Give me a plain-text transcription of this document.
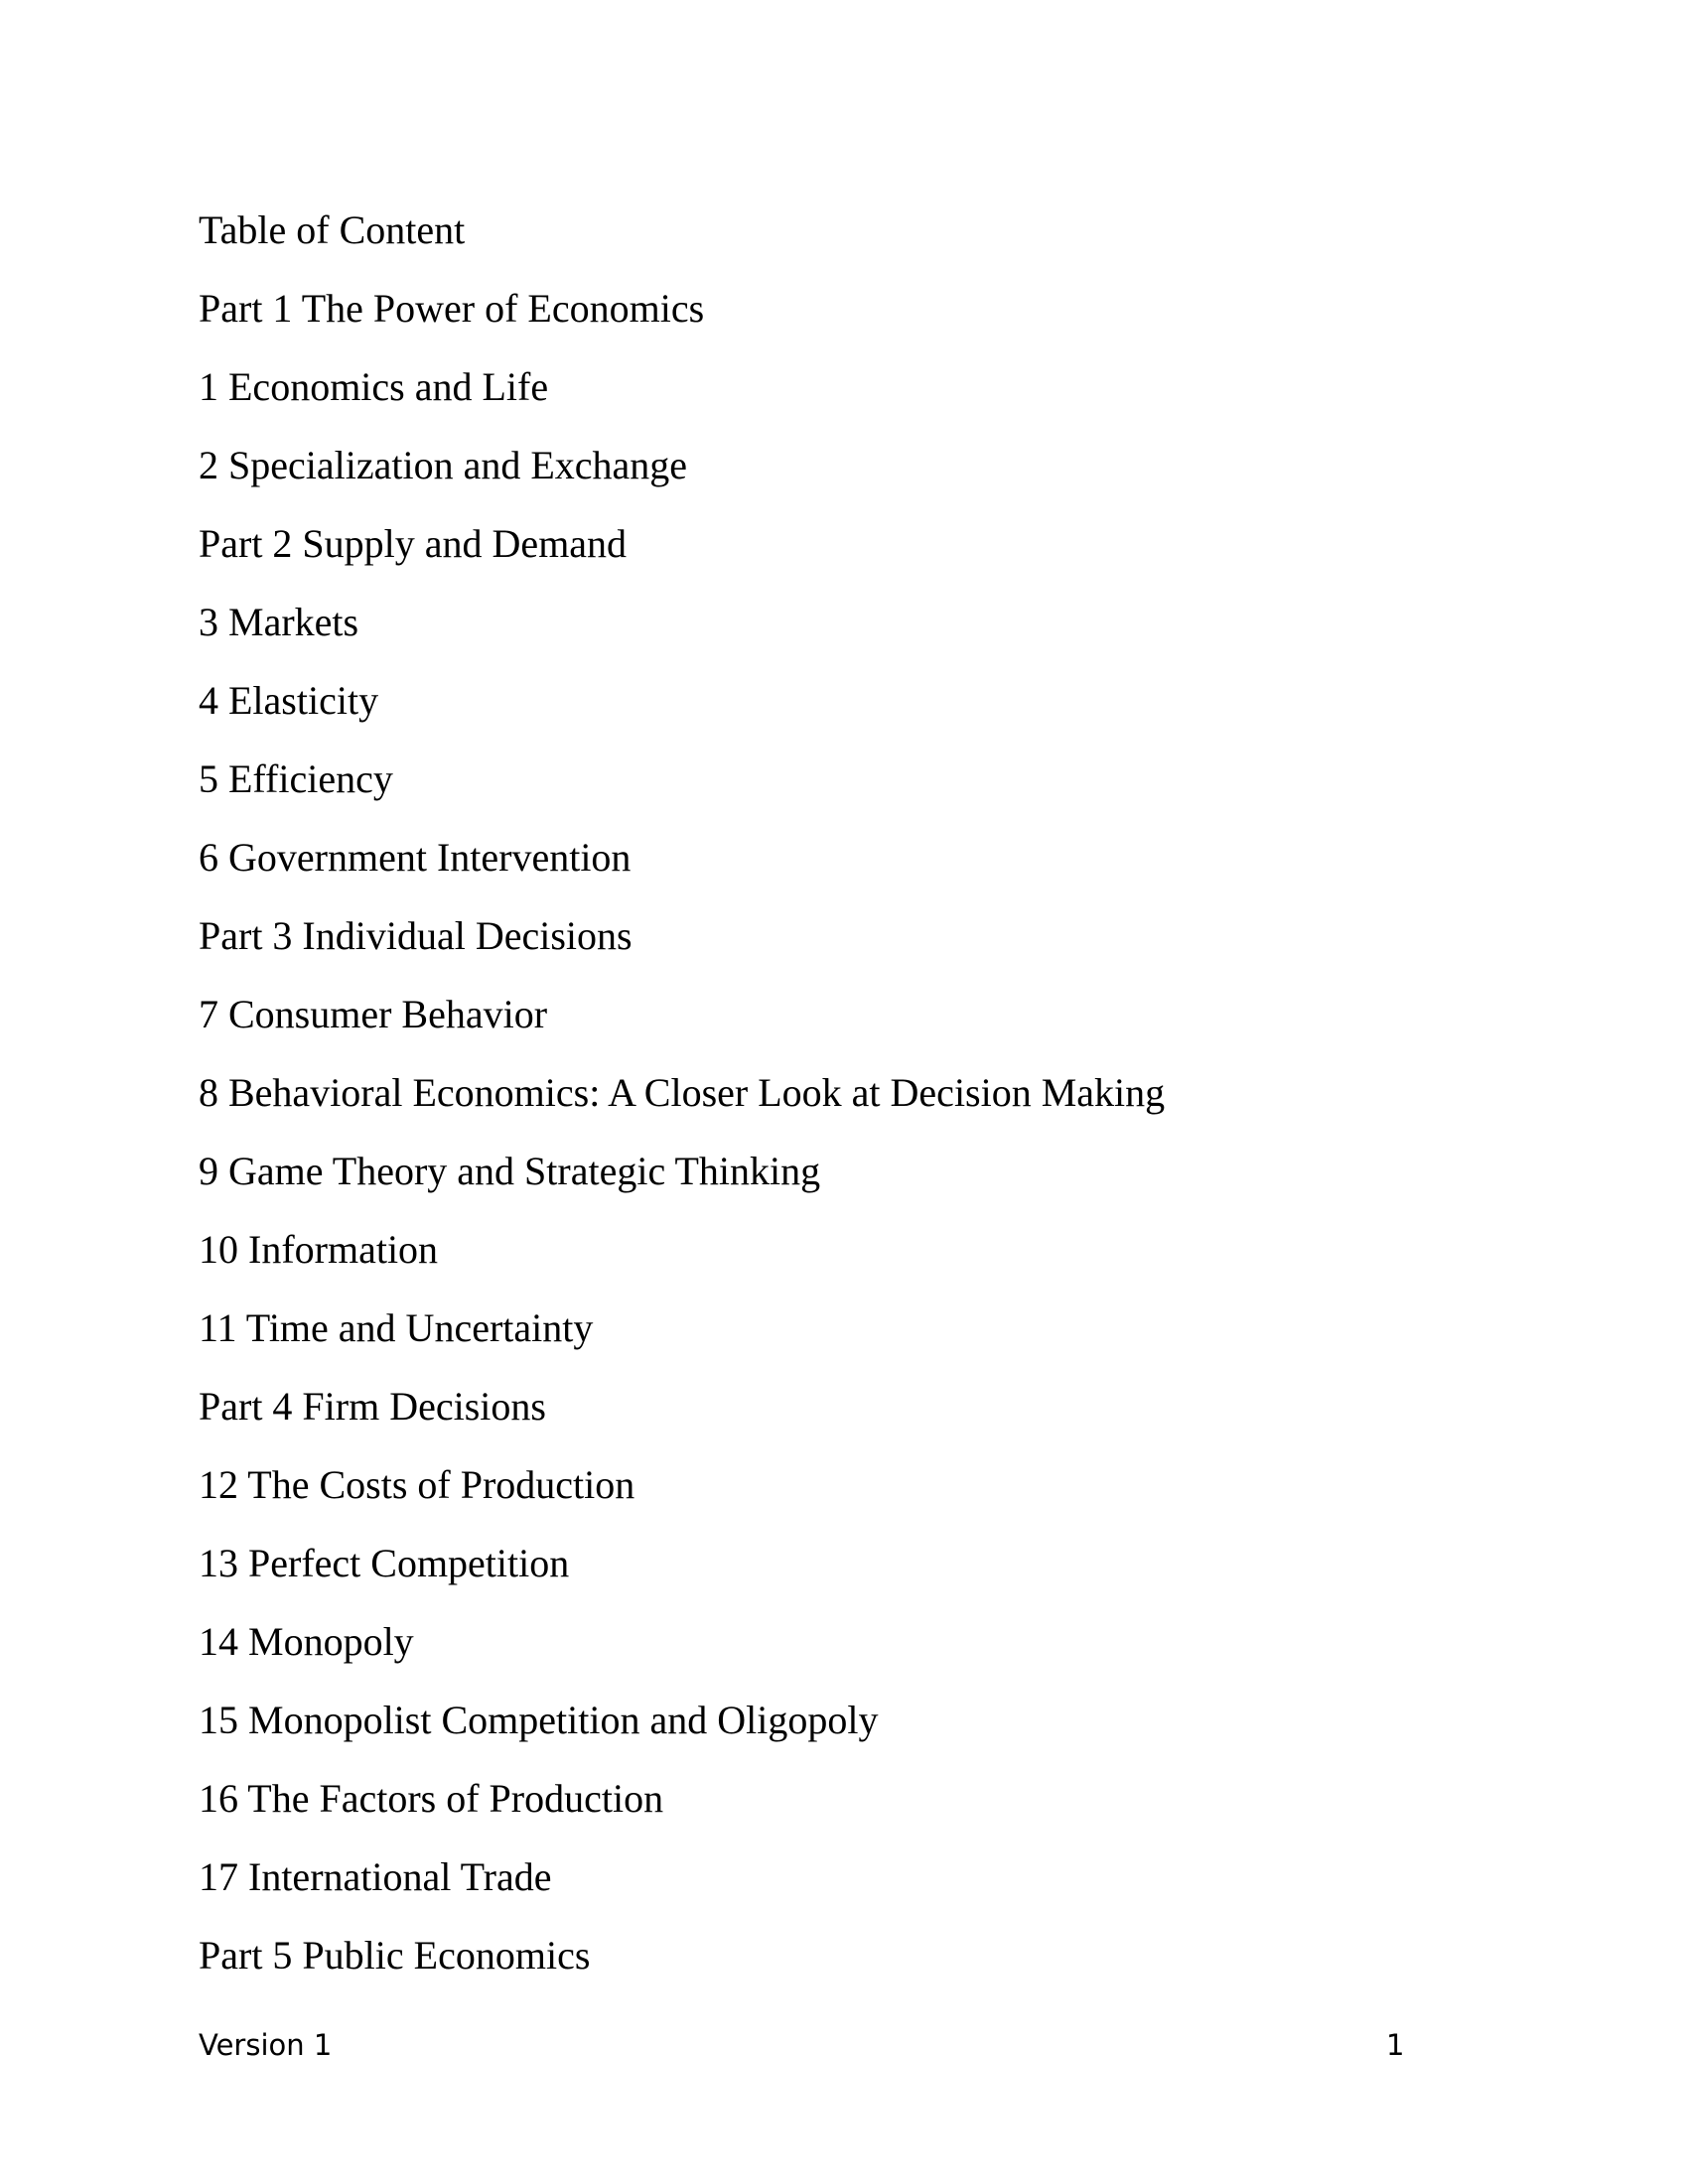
Table of Content
Part 1 The Power of Economics
1 Economics and Life
2 Specialization and Exchange
Part 2 Supply and Demand
3 Markets
4 Elasticity
5 Efficiency
6 Government Intervention
Part 3 Individual Decisions
7 Consumer Behavior
8 Behavioral Economics: A Closer Look at Decision Making
9 Game Theory and Strategic Thinking
10 Information
11 Time and Uncertainty
Part 4 Firm Decisions
12 The Costs of Production
13 Perfect Competition
14 Monopoly
15 Monopolist Competition and Oligopoly
16 The Factors of Production
17 International Trade
Part 5 Public Economics
Version 1	1
